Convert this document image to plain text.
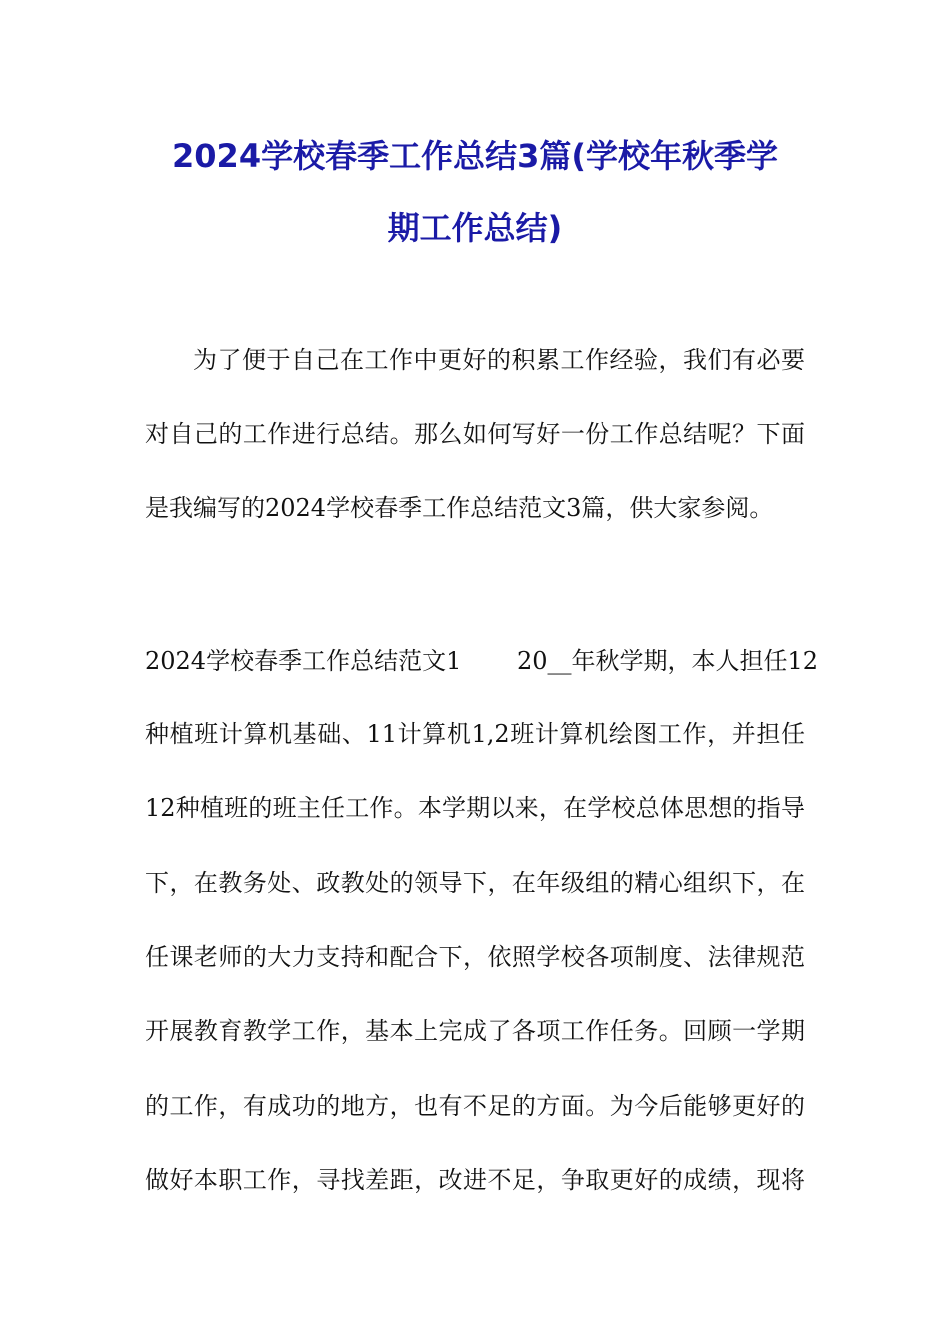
2024学校春季工作总结3篇(学校年秋季学
期工作总结)
为了便于自己在工作中更好的积累工作经验，我们有必要
对自己的工作进行总结。那么如何写好一份工作总结呢？下面
是我编写的2024学校春季工作总结范文3篇，供大家参阅。
2024学校春季工作总结范文1　　 20__年秋学期，本人担任12
种植班计算机基础、11计算机1,2班计算机绘图工作，并担任
12种植班的班主任工作。本学期以来，在学校总体思想的指导
下，在教务处、政教处的领导下，在年级组的精心组织下，在
任课老师的大力支持和配合下，依照学校各项制度、法律规范
开展教育教学工作，基本上完成了各项工作任务。回顾一学期
的工作，有成功的地方，也有不足的方面。为今后能够更好的
做好本职工作，寻找差距，改进不足，争取更好的成绩，现将
